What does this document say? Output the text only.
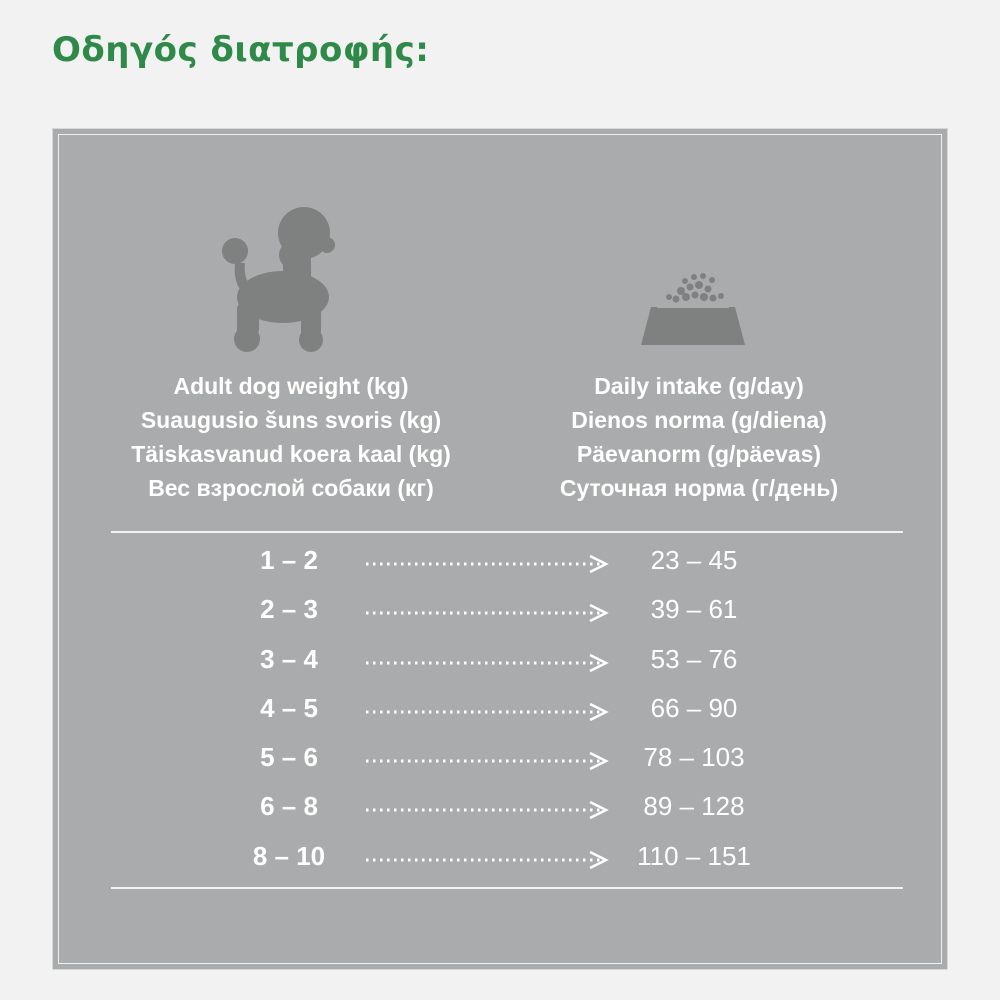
Οδηγός διατροφής:
Adult dog weight (kg)
Suaugusio šuns svoris (kg)
Täiskasvanud koera kaal (kg)
Вес взрослой собаки (кг)
Daily intake (g/day)
Dienos norma (g/diena)
Päevanorm (g/päevas)
Суточная норма (г/день)
1 – 2	23 – 45
2 – 3	39 – 61
3 – 4	53 – 76
4 – 5	66 – 90
5 – 6	78 – 103
6 – 8	89 – 128
8 – 10	110 – 151
